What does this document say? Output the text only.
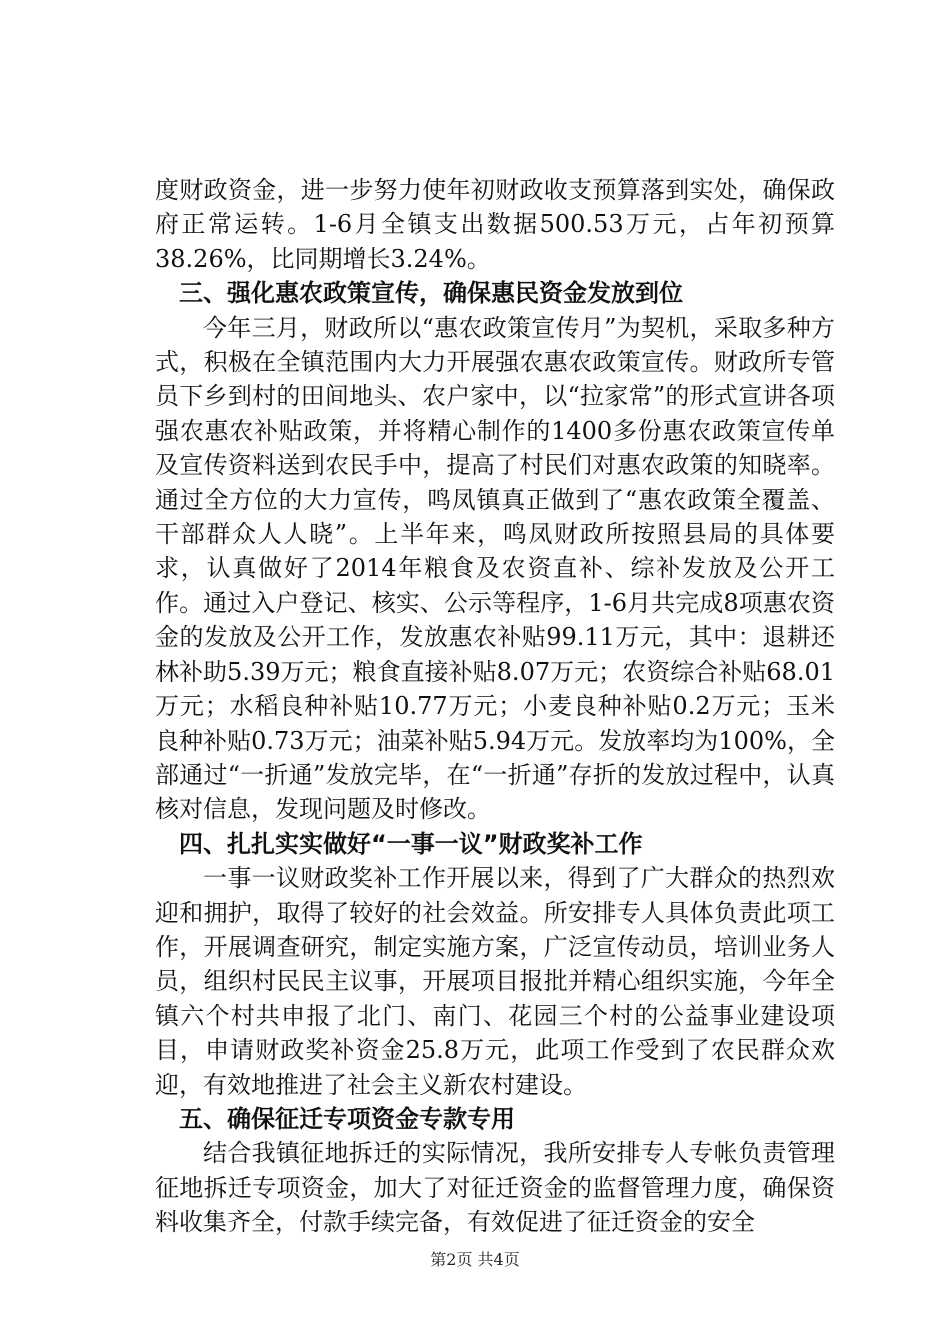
度财政资金，进一步努力使年初财政收支预算落到实处，确保政府正常运转。1-6月全镇支出数据500.53万元，占年初预算38.26%，比同期增长3.24%。

三、强化惠农政策宣传，确保惠民资金发放到位

今年三月，财政所以“惠农政策宣传月”为契机，采取多种方式，积极在全镇范围内大力开展强农惠农政策宣传。财政所专管员下乡到村的田间地头、农户家中，以“拉家常”的形式宣讲各项强农惠农补贴政策，并将精心制作的1400多份惠农政策宣传单及宣传资料送到农民手中，提高了村民们对惠农政策的知晓率。通过全方位的大力宣传，鸣凤镇真正做到了“惠农政策全覆盖、干部群众人人晓”。上半年来，鸣凤财政所按照县局的具体要求，认真做好了2014年粮食及农资直补、综补发放及公开工作。通过入户登记、核实、公示等程序，1-6月共完成8项惠农资金的发放及公开工作，发放惠农补贴99.11万元，其中：退耕还林补助5.39万元；粮食直接补贴8.07万元；农资综合补贴68.01万元；水稻良种补贴10.77万元；小麦良种补贴0.2万元；玉米良种补贴0.73万元；油菜补贴5.94万元。发放率均为100%，全部通过“一折通”发放完毕，在“一折通”存折的发放过程中，认真核对信息，发现问题及时修改。

四、扎扎实实做好“一事一议”财政奖补工作

一事一议财政奖补工作开展以来，得到了广大群众的热烈欢迎和拥护，取得了较好的社会效益。所安排专人具体负责此项工作，开展调查研究，制定实施方案，广泛宣传动员，培训业务人员，组织村民民主议事，开展项目报批并精心组织实施，今年全镇六个村共申报了北门、南门、花园三个村的公益事业建设项目，申请财政奖补资金25.8万元，此项工作受到了农民群众欢迎，有效地推进了社会主义新农村建设。

五、确保征迁专项资金专款专用

结合我镇征地拆迁的实际情况，我所安排专人专帐负责管理征地拆迁专项资金，加大了对征迁资金的监督管理力度，确保资料收集齐全，付款手续完备，有效促进了征迁资金的安全

第2页 共4页
